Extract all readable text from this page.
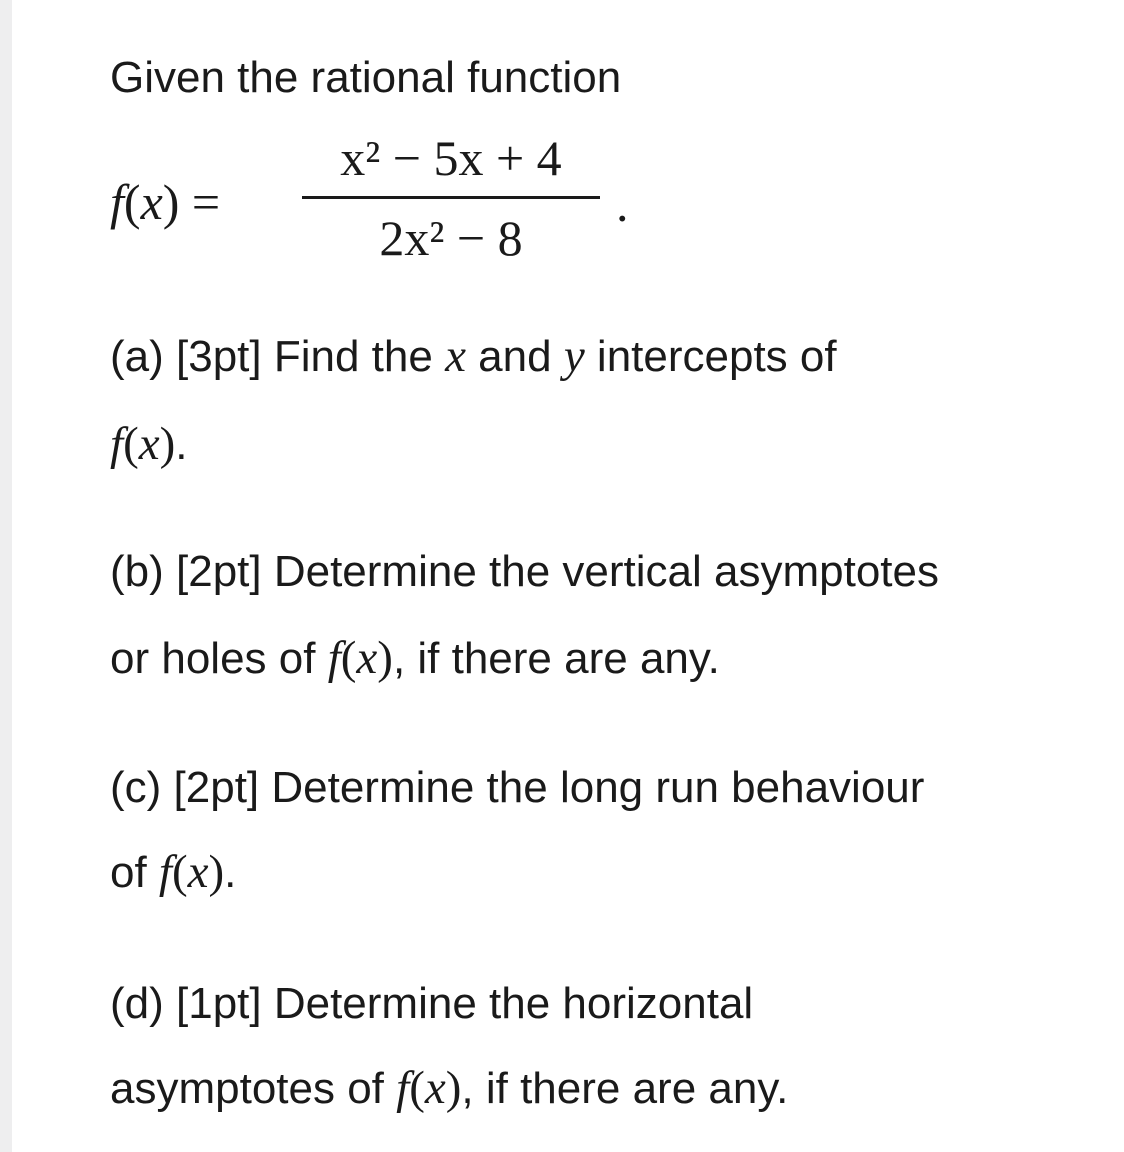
Given the rational function
f(x) =
x² − 5x + 4
2x² − 8
.
(a) [3pt] Find the x and y intercepts of
f(x).
(b) [2pt] Determine the vertical asymptotes
or holes of f(x), if there are any.
(c) [2pt] Determine the long run behaviour
of f(x).
(d) [1pt] Determine the horizontal
asymptotes of f(x), if there are any.
